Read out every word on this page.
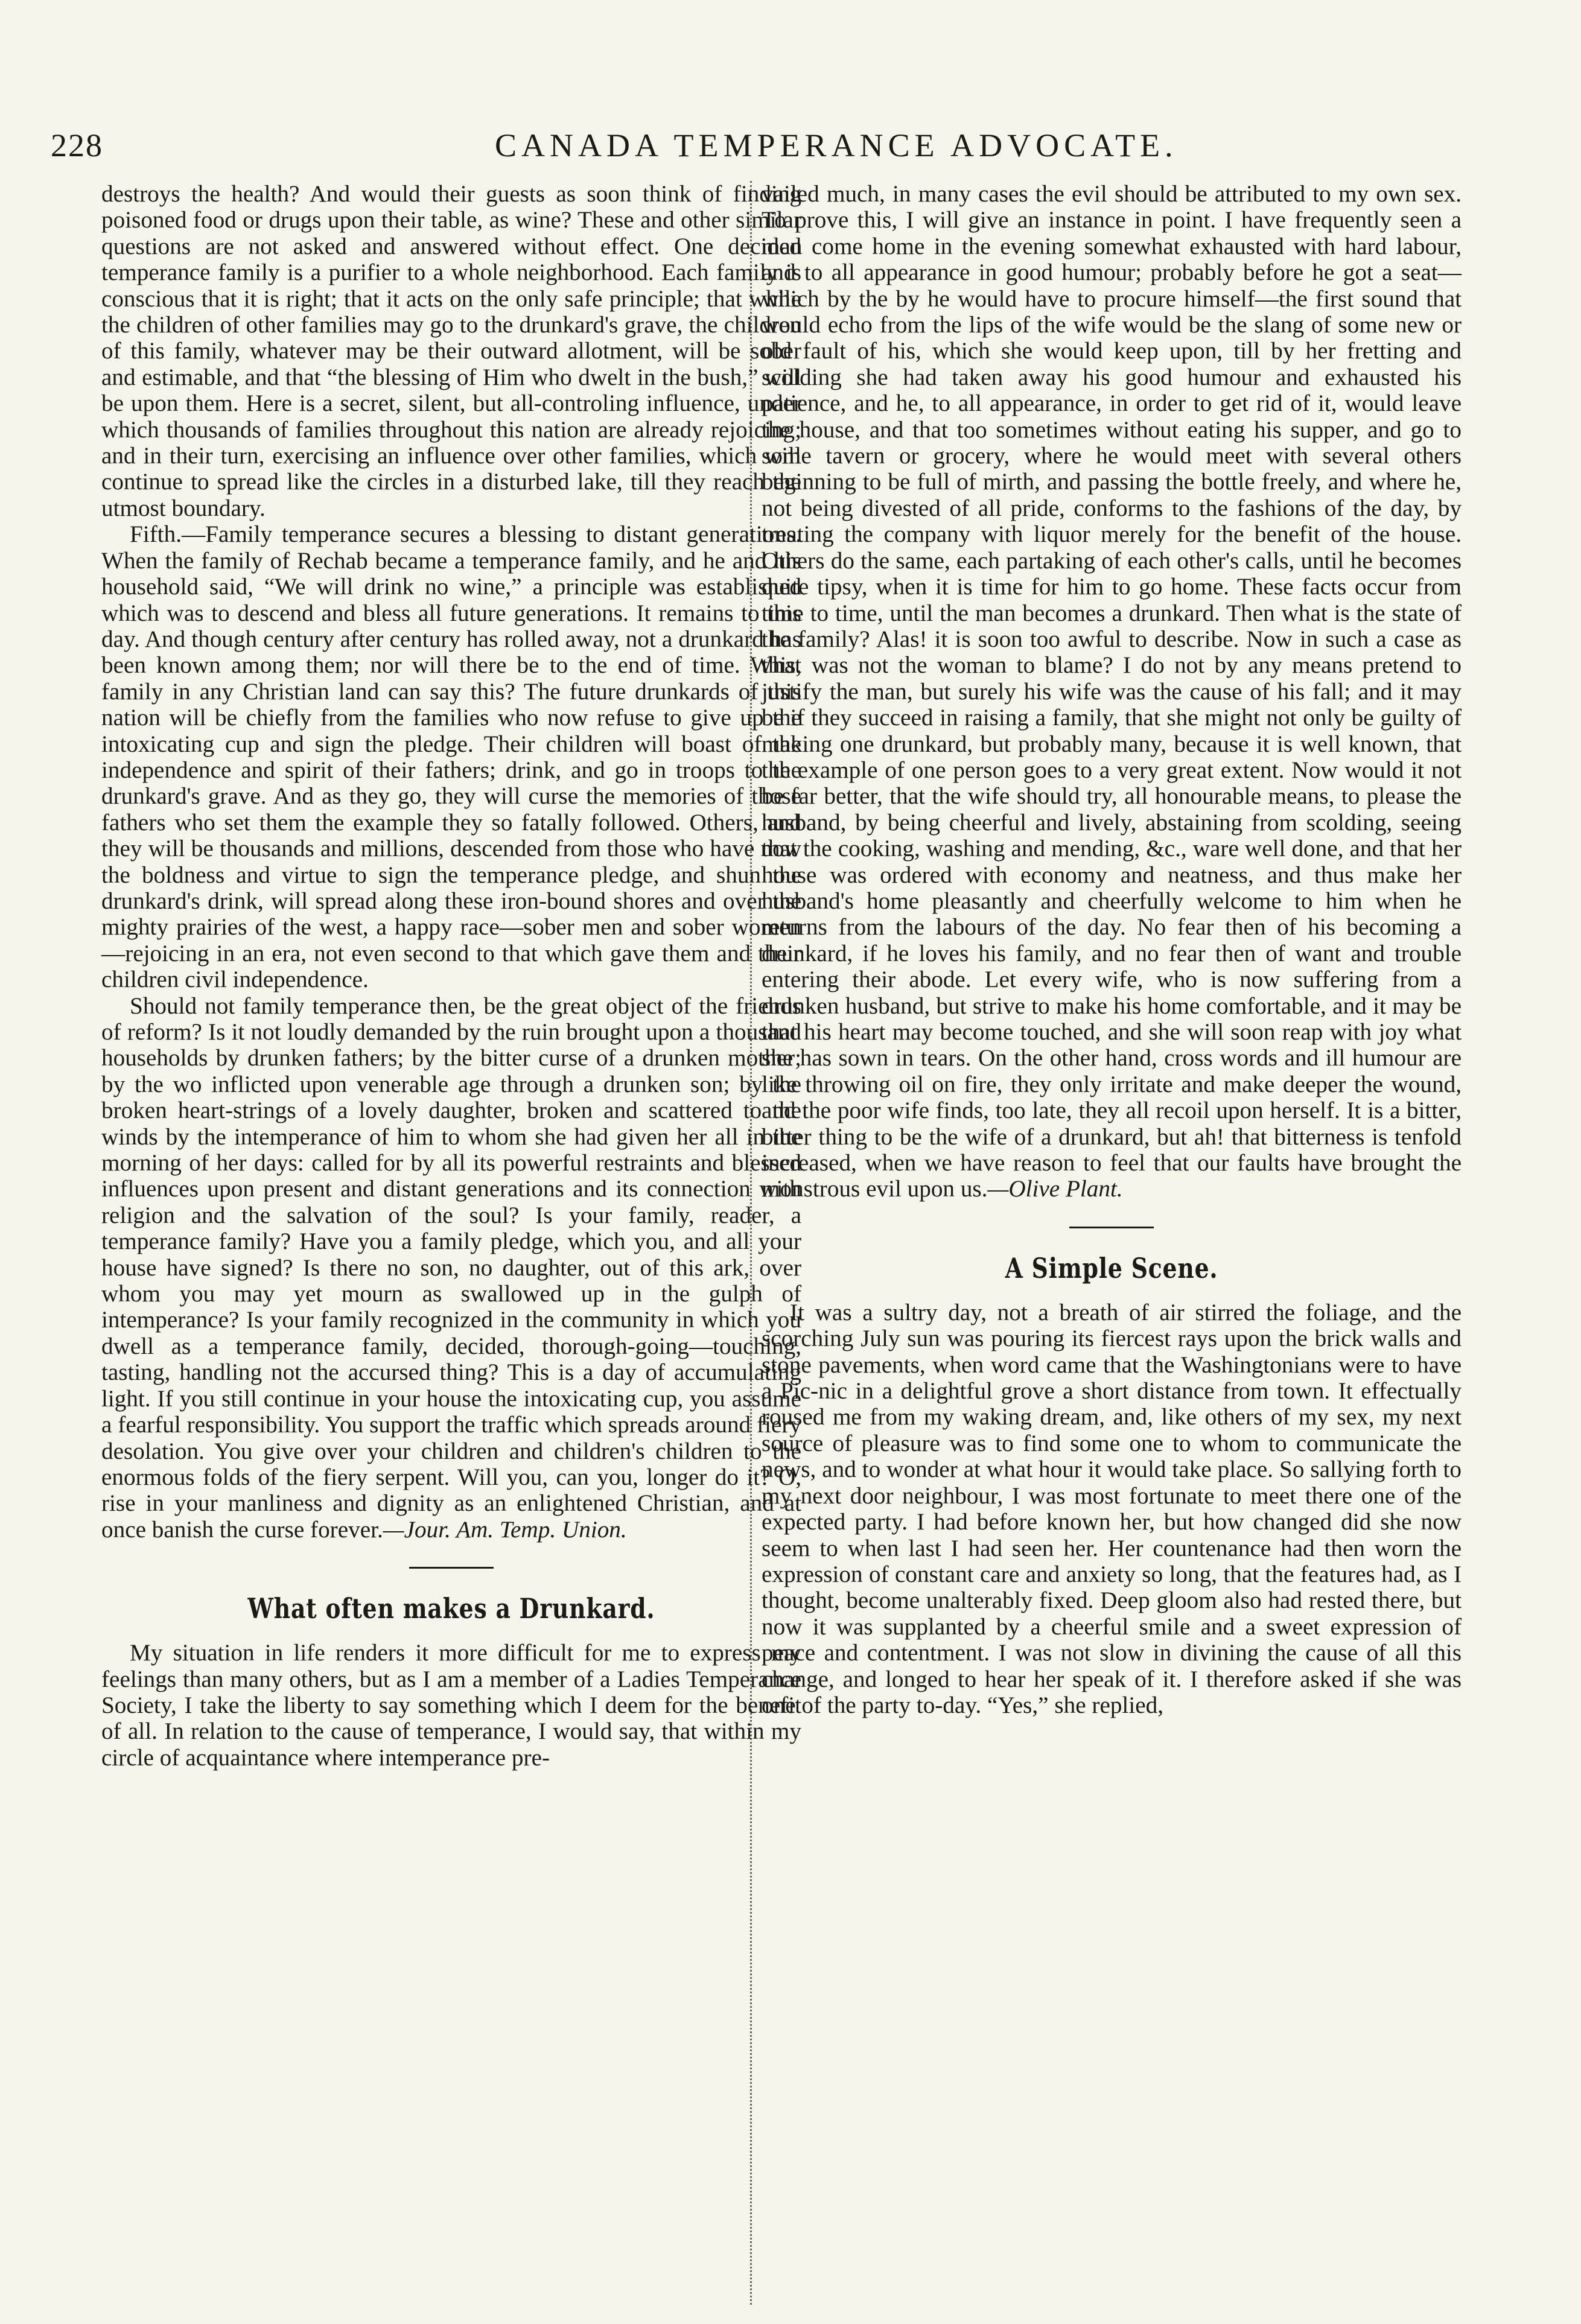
228	CANADA TEMPERANCE ADVOCATE.

destroys the health? And would their guests as soon think of finding poisoned food or drugs upon their table, as wine? These and other similar questions are not asked and answered without effect. One decided temperance family is a purifier to a whole neighborhood. Each family is conscious that it is right; that it acts on the only safe principle; that while the children of other families may go to the drunkard's grave, the children of this family, whatever may be their outward allotment, will be sober and estimable, and that “the blessing of Him who dwelt in the bush,” will be upon them. Here is a secret, silent, but all-controling influence, under which thousands of families throughout this nation are already rejoicing; and in their turn, exercising an influence over other families, which will continue to spread like the circles in a disturbed lake, till they reach the utmost boundary.

Fifth.—Family temperance secures a blessing to distant generations. When the family of Rechab became a temperance family, and he and his household said, “We will drink no wine,” a principle was established which was to descend and bless all future generations. It remains to this day. And though century after century has rolled away, not a drunkard has been known among them; nor will there be to the end of time. What family in any Christian land can say this? The future drunkards of this nation will be chiefly from the families who now refuse to give up the intoxicating cup and sign the pledge. Their children will boast of the independence and spirit of their fathers; drink, and go in troops to the drunkard's grave. And as they go, they will curse the memories of those fathers who set them the example they so fatally followed. Others, and they will be thousands and millions, descended from those who have now the boldness and virtue to sign the temperance pledge, and shun the drunkard's drink, will spread along these iron-bound shores and over the mighty prairies of the west, a happy race—sober men and sober women—rejoicing in an era, not even second to that which gave them and their children civil independence.

Should not family temperance then, be the great object of the friends of reform? Is it not loudly demanded by the ruin brought upon a thousand households by drunken fathers; by the bitter curse of a drunken mother; by the wo inflicted upon venerable age through a drunken son; by the broken heart-strings of a lovely daughter, broken and scattered to the winds by the intemperance of him to whom she had given her all in the morning of her days: called for by all its powerful restraints and blessed influences upon present and distant generations and its connection with religion and the salvation of the soul? Is your family, reader, a temperance family? Have you a family pledge, which you, and all your house have signed? Is there no son, no daughter, out of this ark, over whom you may yet mourn as swallowed up in the gulph of intemperance? Is your family recognized in the community in which you dwell as a temperance family, decided, thorough-going—touching, tasting, handling not the accursed thing? This is a day of accumulating light. If you still continue in your house the intoxicating cup, you assume a fearful responsibility. You support the traffic which spreads around fiery desolation. You give over your children and children's children to the enormous folds of the fiery serpent. Will you, can you, longer do it? O, rise in your manliness and dignity as an enlightened Christian, and at once banish the curse forever.—Jour. Am. Temp. Union.

What often makes a Drunkard.

My situation in life renders it more difficult for me to express my feelings than many others, but as I am a member of a Ladies Temperance Society, I take the liberty to say something which I deem for the benefit of all. In relation to the cause of temperance, I would say, that within my circle of acquaintance where intemperance pre-

vailed much, in many cases the evil should be attributed to my own sex. To prove this, I will give an instance in point. I have frequently seen a man come home in the evening somewhat exhausted with hard labour, and to all appearance in good humour; probably before he got a seat—which by the by he would have to procure himself—the first sound that would echo from the lips of the wife would be the slang of some new or old fault of his, which she would keep upon, till by her fretting and scolding she had taken away his good humour and exhausted his patience, and he, to all appearance, in order to get rid of it, would leave the house, and that too sometimes without eating his supper, and go to some tavern or grocery, where he would meet with several others beginning to be full of mirth, and passing the bottle freely, and where he, not being divested of all pride, conforms to the fashions of the day, by treating the company with liquor merely for the benefit of the house. Others do the same, each partaking of each other's calls, until he becomes quite tipsy, when it is time for him to go home. These facts occur from time to time, until the man becomes a drunkard. Then what is the state of the family? Alas! it is soon too awful to describe. Now in such a case as this, was not the woman to blame? I do not by any means pretend to justify the man, but surely his wife was the cause of his fall; and it may be if they succeed in raising a family, that she might not only be guilty of making one drunkard, but probably many, because it is well known, that the example of one person goes to a very great extent. Now would it not be far better, that the wife should try, all honourable means, to please the husband, by being cheerful and lively, abstaining from scolding, seeing that the cooking, washing and mending, &c., ware well done, and that her house was ordered with economy and neatness, and thus make her husband's home pleasantly and cheerfully welcome to him when he returns from the labours of the day. No fear then of his becoming a drunkard, if he loves his family, and no fear then of want and trouble entering their abode. Let every wife, who is now suffering from a drunken husband, but strive to make his home comfortable, and it may be that his heart may become touched, and she will soon reap with joy what she has sown in tears. On the other hand, cross words and ill humour are like throwing oil on fire, they only irritate and make deeper the wound, and the poor wife finds, too late, they all recoil upon herself. It is a bitter, bitter thing to be the wife of a drunkard, but ah! that bitterness is tenfold increased, when we have reason to feel that our faults have brought the monstrous evil upon us.—Olive Plant.

A Simple Scene.

It was a sultry day, not a breath of air stirred the foliage, and the scorching July sun was pouring its fiercest rays upon the brick walls and stone pavements, when word came that the Washingtonians were to have a Pic-nic in a delightful grove a short distance from town. It effectually roused me from my waking dream, and, like others of my sex, my next source of pleasure was to find some one to whom to communicate the news, and to wonder at what hour it would take place. So sallying forth to my next door neighbour, I was most fortunate to meet there one of the expected party. I had before known her, but how changed did she now seem to when last I had seen her. Her countenance had then worn the expression of constant care and anxiety so long, that the features had, as I thought, become unalterably fixed. Deep gloom also had rested there, but now it was supplanted by a cheerful smile and a sweet expression of peace and contentment. I was not slow in divining the cause of all this change, and longed to hear her speak of it. I therefore asked if she was one of the party to-day. “Yes,” she replied,
